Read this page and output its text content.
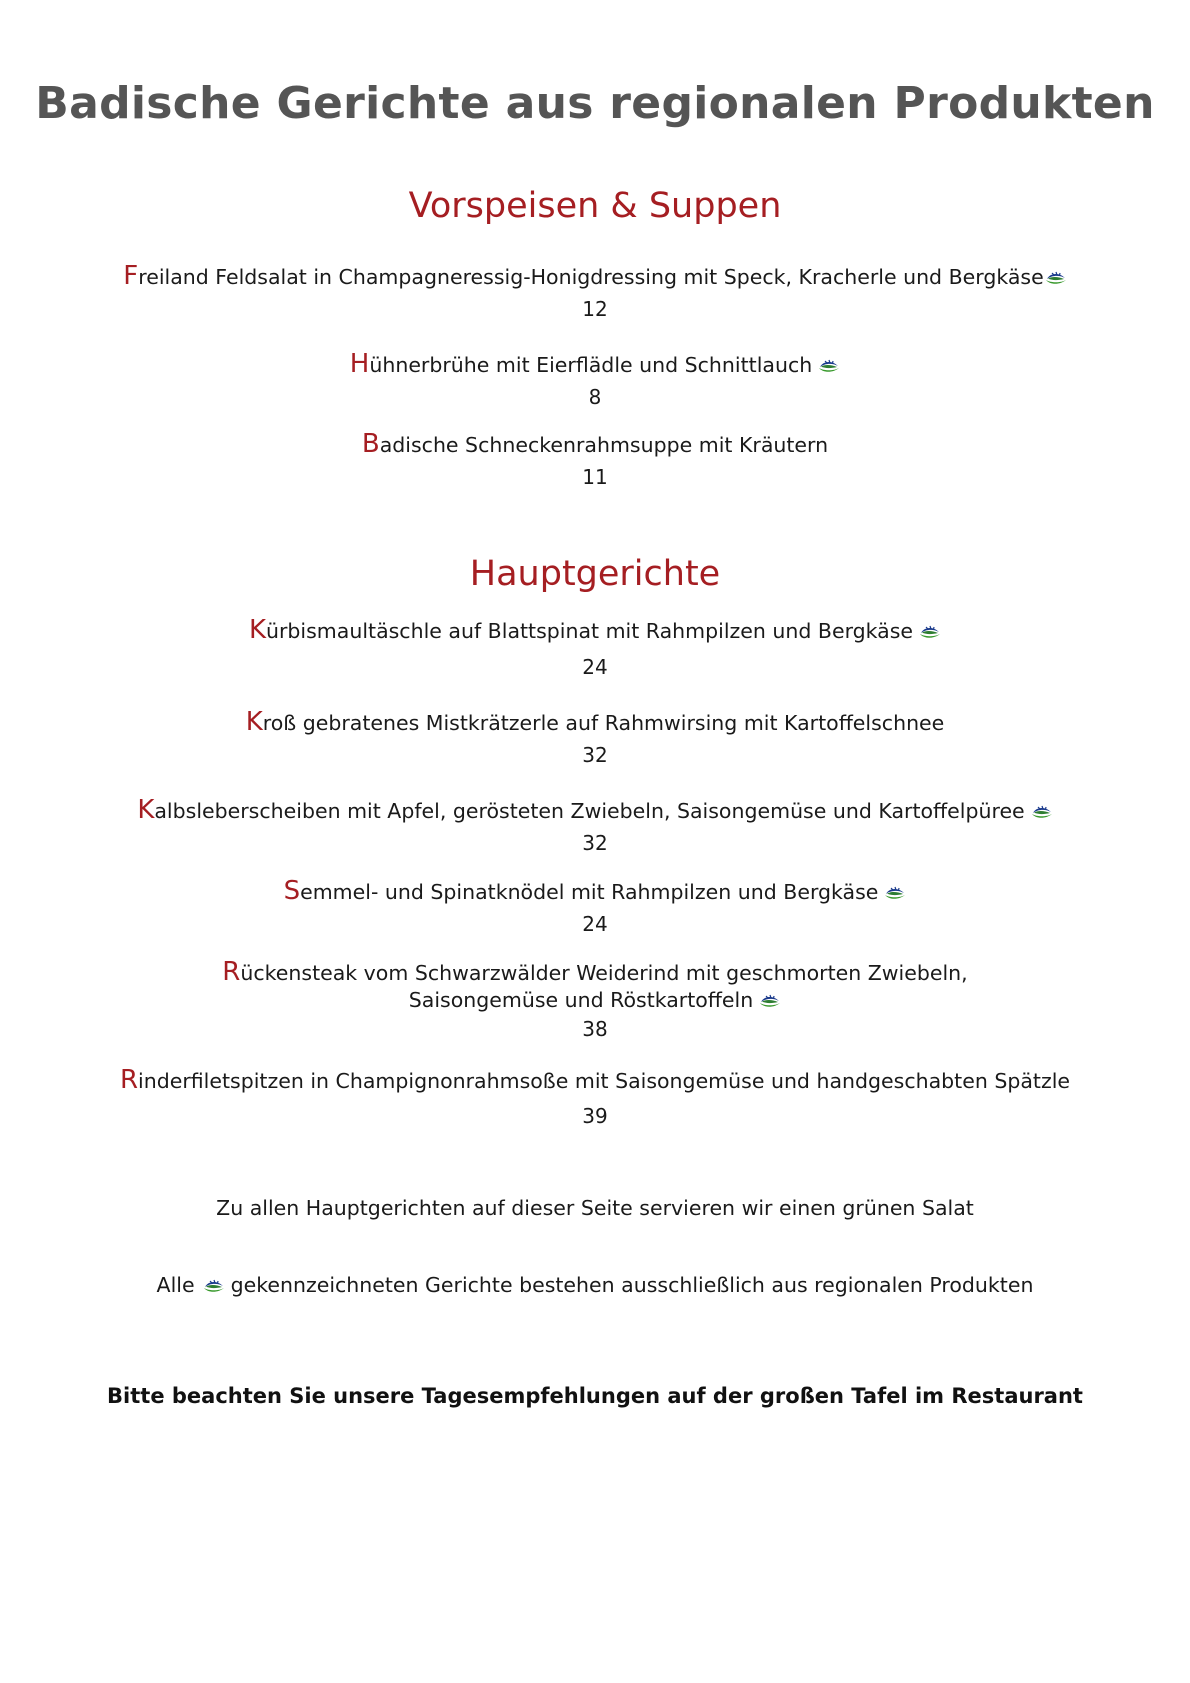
Badische Gerichte aus regionalen Produkten
Vorspeisen & Suppen
Freiland Feldsalat in Champagneressig-Honigdressing mit Speck, Kracherle und Bergkäse
12
Hühnerbrühe mit Eierflädle und Schnittlauch
8
Badische Schneckenrahmsuppe mit Kräutern
11
Hauptgerichte
Kürbismaultäschle auf Blattspinat mit Rahmpilzen und Bergkäse
24
Kroß gebratenes Mistkrätzerle auf Rahmwirsing mit Kartoffelschnee
32
Kalbsleberscheiben mit Apfel, gerösteten Zwiebeln, Saisongemüse und Kartoffelpüree
32
Semmel- und Spinatknödel mit Rahmpilzen und Bergkäse
24
Rückensteak vom Schwarzwälder Weiderind mit geschmorten Zwiebeln,
Saisongemüse und Röstkartoffeln
38
Rinderfiletspitzen in Champignonrahmsoße mit Saisongemüse und handgeschabten Spätzle
39
Zu allen Hauptgerichten auf dieser Seite servieren wir einen grünen Salat
Alle gekennzeichneten Gerichte bestehen ausschließlich aus regionalen Produkten
Bitte beachten Sie unsere Tagesempfehlungen auf der großen Tafel im Restaurant
